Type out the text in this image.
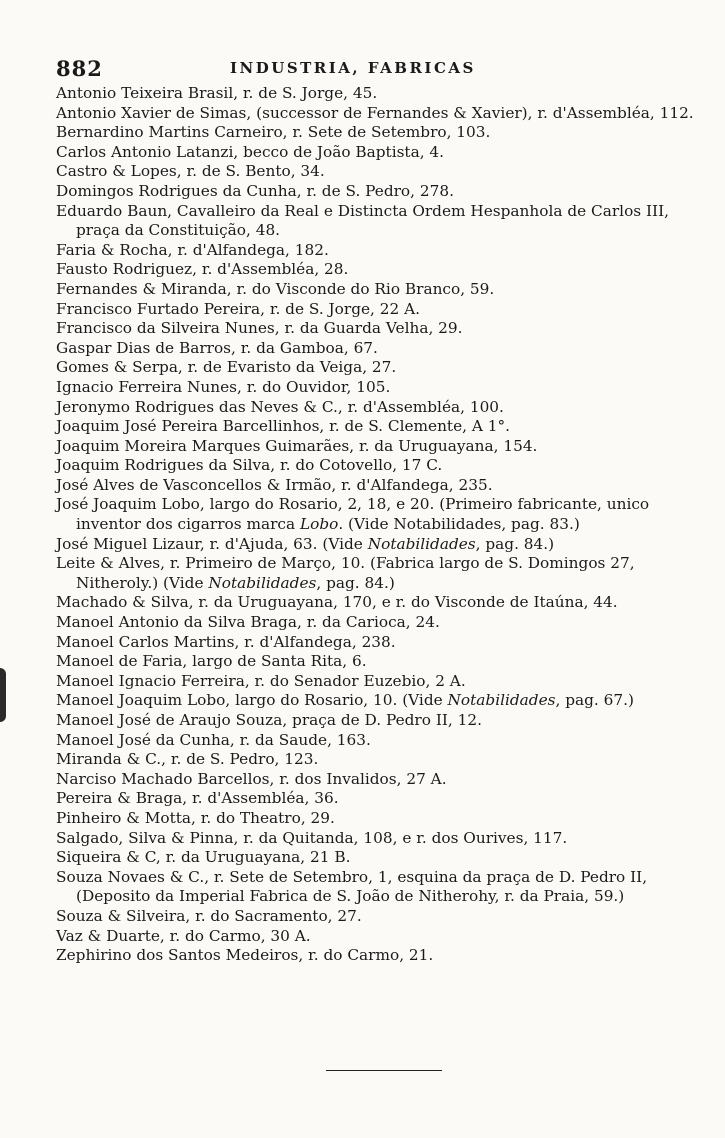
882	INDUSTRIA, FABRICAS
Antonio Teixeira Brasil, r. de S. Jorge, 45.
Antonio Xavier de Simas, (successor de Fernandes & Xavier), r. d'Assembléa, 112.
Bernardino Martins Carneiro, r. Sete de Setembro, 103.
Carlos Antonio Latanzi, becco de João Baptista, 4.
Castro & Lopes, r. de S. Bento, 34.
Domingos Rodrigues da Cunha, r. de S. Pedro, 278.
Eduardo Baun, Cavalleiro da Real e Distincta Ordem Hespanhola de Carlos III, praça da Constituição, 48.
Faria & Rocha, r. d'Alfandega, 182.
Fausto Rodriguez, r. d'Assembléa, 28.
Fernandes & Miranda, r. do Visconde do Rio Branco, 59.
Francisco Furtado Pereira, r. de S. Jorge, 22 A.
Francisco da Silveira Nunes, r. da Guarda Velha, 29.
Gaspar Dias de Barros, r. da Gamboa, 67.
Gomes & Serpa, r. de Evaristo da Veiga, 27.
Ignacio Ferreira Nunes, r. do Ouvidor, 105.
Jeronymo Rodrigues das Neves & C., r. d'Assembléa, 100.
Joaquim José Pereira Barcellinhos, r. de S. Clemente, A 1°.
Joaquim Moreira Marques Guimarães, r. da Uruguayana, 154.
Joaquim Rodrigues da Silva, r. do Cotovello, 17 C.
José Alves de Vasconcellos & Irmão, r. d'Alfandega, 235.
José Joaquim Lobo, largo do Rosario, 2, 18, e 20. (Primeiro fabricante, unico inventor dos cigarros marca Lobo. (Vide Notabilidades, pag. 83.)
José Miguel Lizaur, r. d'Ajuda, 63. (Vide Notabilidades, pag. 84.)
Leite & Alves, r. Primeiro de Março, 10. (Fabrica largo de S. Domingos 27, Nitheroly.) (Vide Notabilidades, pag. 84.)
Machado & Silva, r. da Uruguayana, 170, e r. do Visconde de Itaúna, 44.
Manoel Antonio da Silva Braga, r. da Carioca, 24.
Manoel Carlos Martins, r. d'Alfandega, 238.
Manoel de Faria, largo de Santa Rita, 6.
Manoel Ignacio Ferreira, r. do Senador Euzebio, 2 A.
Manoel Joaquim Lobo, largo do Rosario, 10. (Vide Notabilidades, pag. 67.)
Manoel José de Araujo Souza, praça de D. Pedro II, 12.
Manoel José da Cunha, r. da Saude, 163.
Miranda & C., r. de S. Pedro, 123.
Narciso Machado Barcellos, r. dos Invalidos, 27 A.
Pereira & Braga, r. d'Assembléa, 36.
Pinheiro & Motta, r. do Theatro, 29.
Salgado, Silva & Pinna, r. da Quitanda, 108, e r. dos Ourives, 117.
Siqueira & C, r. da Uruguayana, 21 B.
Souza Novaes & C., r. Sete de Setembro, 1, esquina da praça de D. Pedro II, (Deposito da Imperial Fabrica de S. João de Nitherohy, r. da Praia, 59.)
Souza & Silveira, r. do Sacramento, 27.
Vaz & Duarte, r. do Carmo, 30 A.
Zephirino dos Santos Medeiros, r. do Carmo, 21.
